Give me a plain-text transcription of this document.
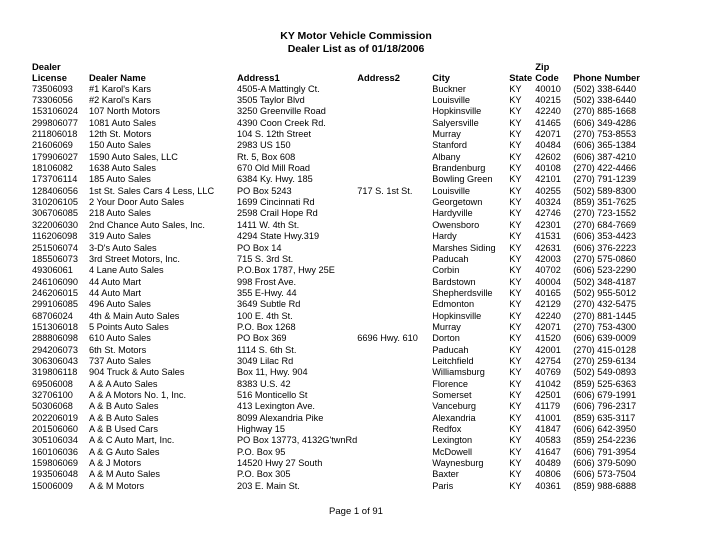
KY Motor Vehicle Commission
Dealer List as of 01/18/2006
Dealer						Zip	
License	Dealer Name	Address1	Address2	City	State	Code	Phone Number
73506093	#1 Karol's Kars	4505-A Mattingly Ct.		Buckner	KY	40010	(502) 338-6440
73306056	#2 Karol's Kars	3505 Taylor Blvd		Louisville	KY	40215	(502) 338-6440
153106024	107 North Motors	3250 Greenville Road		Hopkinsville	KY	42240	(270) 885-1668
299806077	1081 Auto Sales	4390 Coon Creek Rd.		Salyersville	KY	41465	(606) 349-4286
211806018	12th St. Motors	104 S. 12th Street		Murray	KY	42071	(270) 753-8553
21606069	150 Auto Sales	2983 US 150		Stanford	KY	40484	(606) 365-1384
179906027	1590 Auto Sales, LLC	Rt. 5, Box 608		Albany	KY	42602	(606) 387-4210
18106082	1638 Auto Sales	670 Old Mill Road		Brandenburg	KY	40108	(270) 422-4466
173706114	185 Auto Sales	6384 Ky. Hwy. 185		Bowling Green	KY	42101	(270) 791-1239
128406056	1st St. Sales Cars 4 Less, LLC	PO Box 5243	717 S. 1st St.	Louisville	KY	40255	(502) 589-8300
310206105	2 Your Door Auto Sales	1699 Cincinnati Rd		Georgetown	KY	40324	(859) 351-7625
306706085	218 Auto Sales	2598 Crail Hope Rd		Hardyville	KY	42746	(270) 723-1552
322006030	2nd Chance Auto Sales, Inc.	1411 W. 4th St.		Owensboro	KY	42301	(270) 684-7669
116206098	319 Auto Sales	4294 State Hwy.319		Hardy	KY	41531	(606) 353-4423
251506074	3-D's Auto Sales	PO Box 14		Marshes Siding	KY	42631	(606) 376-2223
185506073	3rd Street Motors, Inc.	715 S. 3rd St.		Paducah	KY	42003	(270) 575-0860
49306061	4 Lane Auto Sales	P.O.Box 1787, Hwy 25E		Corbin	KY	40702	(606) 523-2290
246106090	44 Auto Mart	998 Frost Ave.		Bardstown	KY	40004	(502) 348-4187
246206015	44 Auto Mart	355 E-Hwy. 44		Shepherdsville	KY	40165	(502) 955-5012
299106085	496 Auto Sales	3649 Subtle Rd		Edmonton	KY	42129	(270) 432-5475
68706024	4th & Main Auto Sales	100 E. 4th St.		Hopkinsville	KY	42240	(270) 881-1445
151306018	5 Points Auto Sales	P.O. Box 1268		Murray	KY	42071	(270) 753-4300
288806098	610 Auto Sales	PO Box 369	6696 Hwy. 610	Dorton	KY	41520	(606) 639-0009
294206073	6th St. Motors	1114 S. 6th St.		Paducah	KY	42001	(270) 415-0128
306306043	737 Auto Sales	3049 Lilac Rd		Leitchfield	KY	42754	(270) 259-6134
319806118	904 Truck & Auto Sales	Box 11, Hwy. 904		Williamsburg	KY	40769	(502) 549-0893
69506008	A & A Auto Sales	8383 U.S. 42		Florence	KY	41042	(859) 525-6363
32706100	A & A Motors No. 1, Inc.	516 Monticello St		Somerset	KY	42501	(606) 679-1991
50306068	A & B Auto Sales	413 Lexington Ave.		Vanceburg	KY	41179	(606) 796-2317
202206019	A & B Auto Sales	8099 Alexandria Pike		Alexandria	KY	41001	(859) 635-3117
201506060	A & B Used Cars	Highway 15		Redfox	KY	41847	(606) 642-3950
305106034	A & C Auto Mart, Inc.	PO Box 13773, 4132G'twnRd		Lexington	KY	40583	(859) 254-2236
160106036	A & G Auto Sales	P.O. Box 95		McDowell	KY	41647	(606) 791-3954
159806069	A & J Motors	14520 Hwy 27 South		Waynesburg	KY	40489	(606) 379-5090
193506048	A & M Auto Sales	P.O. Box 305		Baxter	KY	40806	(606) 573-7504
15006009	A & M Motors	203 E. Main St.		Paris	KY	40361	(859) 988-6888
Page 1 of 91
